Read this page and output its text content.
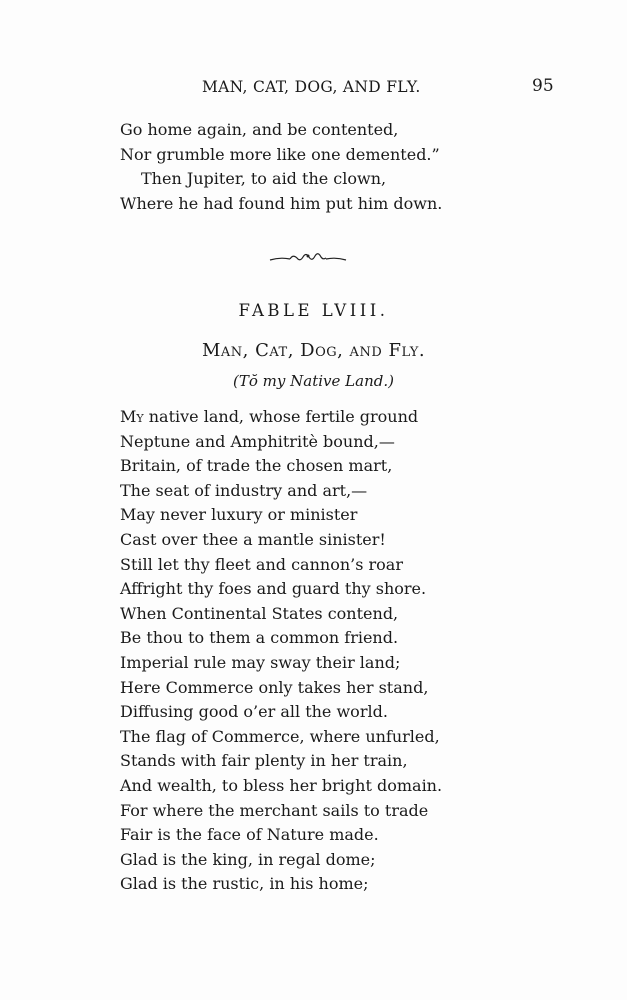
MAN, CAT, DOG, AND FLY.	95
Go home again, and be contented,
Nor grumble more like one demented.”
Then Jupiter, to aid the clown,
Where he had found him put him down.
FABLE LVIII.
Man, Cat, Dog, and Fly.
(Tŏ my Native Land.)
My native land, whose fertile ground
Neptune and Amphitritè bound,—
Britain, of trade the chosen mart,
The seat of industry and art,—
May never luxury or minister
Cast over thee a mantle sinister!
Still let thy fleet and cannon’s roar
Affright thy foes and guard thy shore.
When Continental States contend,
Be thou to them a common friend.
Imperial rule may sway their land;
Here Commerce only takes her stand,
Diffusing good o’er all the world.
The flag of Commerce, where unfurled,
Stands with fair plenty in her train,
And wealth, to bless her bright domain.
For where the merchant sails to trade
Fair is the face of Nature made.
Glad is the king, in regal dome;
Glad is the rustic, in his home;
